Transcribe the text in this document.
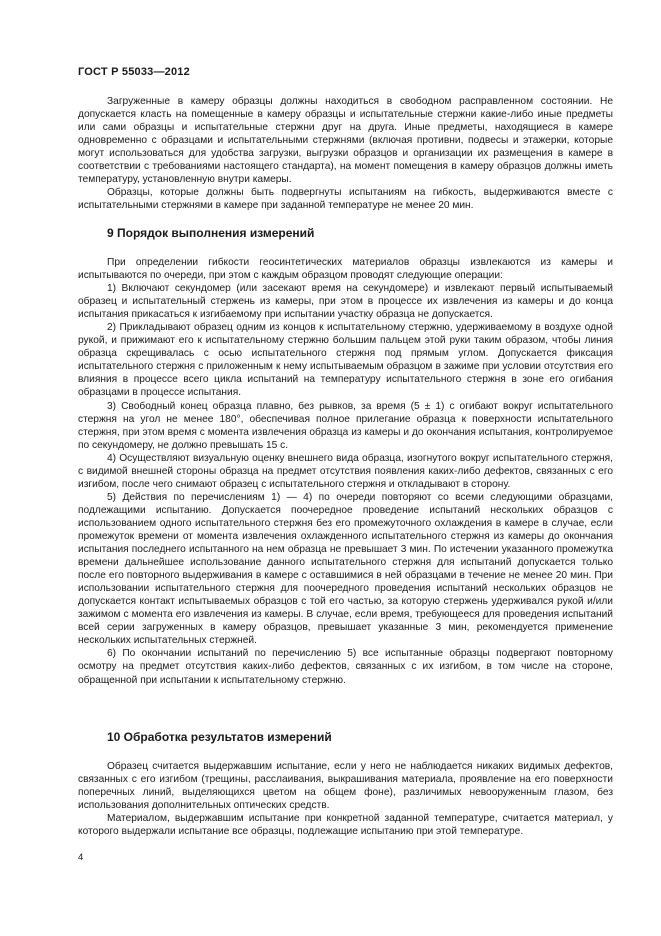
ГОСТ Р 55033—2012

Загруженные в камеру образцы должны находиться в свободном расправленном состоянии. Не допускается класть на помещенные в камеру образцы и испытательные стержни какие-либо иные предметы или сами образцы и испытательные стержни друг на друга. Иные предметы, находящиеся в камере одновременно с образцами и испытательными стержнями (включая противни, подвесы и этажерки, которые могут использоваться для удобства загрузки, выгрузки образцов и организации их размещения в камере в соответствии с требованиями настоящего стандарта), на момент помещения в камеру образцов должны иметь температуру, установленную внутри камеры.

Образцы, которые должны быть подвергнуты испытаниям на гибкость, выдерживаются вместе с испытательными стержнями в камере при заданной температуре не менее 20 мин.

9 Порядок выполнения измерений

При определении гибкости геосинтетических материалов образцы извлекаются из камеры и испытываются по очереди, при этом с каждым образцом проводят следующие операции:

1) Включают секундомер (или засекают время на секундомере) и извлекают первый испытываемый образец и испытательный стержень из камеры, при этом в процессе их извлечения из камеры и до конца испытания прикасаться к изгибаемому при испытании участку образца не допускается.

2) Прикладывают образец одним из концов к испытательному стержню, удерживаемому в воздухе одной рукой, и прижимают его к испытательному стержню большим пальцем этой руки таким образом, чтобы линия образца скрещивалась с осью испытательного стержня под прямым углом. Допускается фиксация испытательного стержня с приложенным к нему испытываемым образцом в зажиме при условии отсутствия его влияния в процессе всего цикла испытаний на температуру испытательного стержня в зоне его огибания образцами в процессе испытания.

3) Свободный конец образца плавно, без рывков, за время (5 ± 1) с огибают вокруг испытательного стержня на угол не менее 180°, обеспечивая полное прилегание образца к поверхности испытательного стержня, при этом время с момента извлечения образца из камеры и до окончания испытания, контролируемое по секундомеру, не должно превышать 15 с.

4) Осуществляют визуальную оценку внешнего вида образца, изогнутого вокруг испытательного стержня, с видимой внешней стороны образца на предмет отсутствия появления каких-либо дефектов, связанных с его изгибом, после чего снимают образец с испытательного стержня и откладывают в сторону.

5) Действия по перечислениям 1) — 4) по очереди повторяют со всеми следующими образцами, подлежащими испытанию. Допускается поочередное проведение испытаний нескольких образцов с использованием одного испытательного стержня без его промежуточного охлаждения в камере в случае, если промежуток времени от момента извлечения охлажденного испытательного стержня из камеры до окончания испытания последнего испытанного на нем образца не превышает 3 мин. По истечении указанного промежутка времени дальнейшее использование данного испытательного стержня для испытаний допускается только после его повторного выдерживания в камере с оставшимися в ней образцами в течение не менее 20 мин. При использовании испытательного стержня для поочередного проведения испытаний нескольких образцов не допускается контакт испытываемых образцов с той его частью, за которую стержень удерживался рукой и/или зажимом с момента его извлечения из камеры. В случае, если время, требующееся для проведения испытаний всей серии загруженных в камеру образцов, превышает указанные 3 мин, рекомендуется применение нескольких испытательных стержней.

6) По окончании испытаний по перечислению 5) все испытанные образцы подвергают повторному осмотру на предмет отсутствия каких-либо дефектов, связанных с их изгибом, в том числе на стороне, обращенной при испытании к испытательному стержню.

10 Обработка результатов измерений

Образец считается выдержавшим испытание, если у него не наблюдается никаких видимых дефектов, связанных с его изгибом (трещины, расслаивания, выкрашивания материала, проявление на его поверхности поперечных линий, выделяющихся цветом на общем фоне), различимых невооруженным глазом, без использования дополнительных оптических средств.

Материалом, выдержавшим испытание при конкретной заданной температуре, считается материал, у которого выдержали испытание все образцы, подлежащие испытанию при этой температуре.

4
